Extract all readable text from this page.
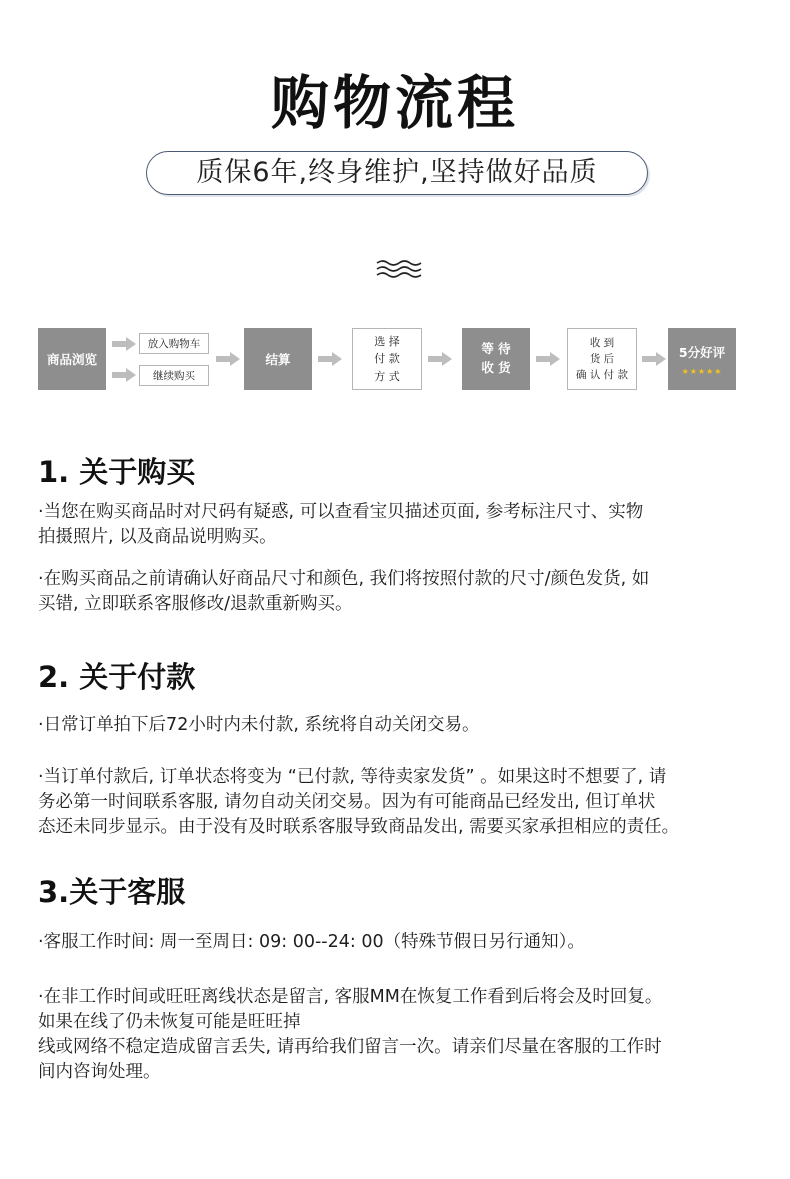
购物流程
质保6年,终身维护,坚持做好品质
商品浏览
放入购物车
继续购买
结算
选 择
付 款
方 式
等 待
收 货
收 到
货 后
确 认 付 款
5分好评
★★★★★
1. 关于购买

·当您在购买商品时对尺码有疑惑, 可以查看宝贝描述页面, 参考标注尺寸、实物
拍摄照片, 以及商品说明购买。

·在购买商品之前请确认好商品尺寸和颜色, 我们将按照付款的尺寸/颜色发货, 如
买错, 立即联系客服修改/退款重新购买。

2. 关于付款

·日常订单拍下后72小时内未付款, 系统将自动关闭交易。

·当订单付款后, 订单状态将变为 “已付款, 等待卖家发货” 。如果这时不想要了, 请
务必第一时间联系客服, 请勿自动关闭交易。因为有可能商品已经发出, 但订单状
态还未同步显示。由于没有及时联系客服导致商品发出, 需要买家承担相应的责任。

3.关于客服

·客服工作时间: 周一至周日: 09: 00--24: 00（特殊节假日另行通知）。

·在非工作时间或旺旺离线状态是留言, 客服MM在恢复工作看到后将会及时回复。
如果在线了仍未恢复可能是旺旺掉
线或网络不稳定造成留言丢失, 请再给我们留言一次。请亲们尽量在客服的工作时
间内咨询处理。
